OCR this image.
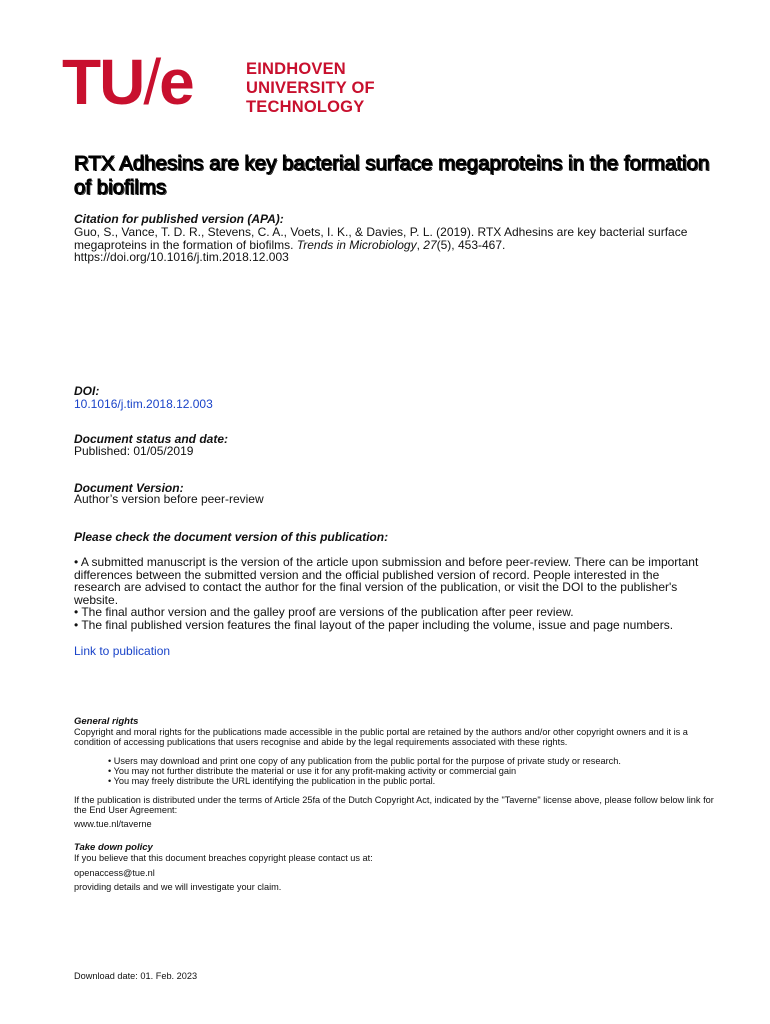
TU/e	EINDHOVEN
UNIVERSITY OF
TECHNOLOGY
RTX Adhesins are key bacterial surface megaproteins in the formation of biofilms
Citation for published version (APA):
Guo, S., Vance, T. D. R., Stevens, C. A., Voets, I. K., & Davies, P. L. (2019). RTX Adhesins are key bacterial surface megaproteins in the formation of biofilms. Trends in Microbiology, 27(5), 453-467.
https://doi.org/10.1016/j.tim.2018.12.003
DOI:
10.1016/j.tim.2018.12.003
Document status and date:
Published: 01/05/2019
Document Version:
Author’s version before peer-review
Please check the document version of this publication:

• A submitted manuscript is the version of the article upon submission and before peer-review. There can be important differences between the submitted version and the official published version of record. People interested in the research are advised to contact the author for the final version of the publication, or visit the DOI to the publisher's website.

• The final author version and the galley proof are versions of the publication after peer review.

• The final published version features the final layout of the paper including the volume, issue and page numbers.

Link to publication
General rights
Copyright and moral rights for the publications made accessible in the public portal are retained by the authors and/or other copyright owners and it is a condition of accessing publications that users recognise and abide by the legal requirements associated with these rights.

• Users may download and print one copy of any publication from the public portal for the purpose of private study or research.

• You may not further distribute the material or use it for any profit-making activity or commercial gain

• You may freely distribute the URL identifying the publication in the public portal.

If the publication is distributed under the terms of Article 25fa of the Dutch Copyright Act, indicated by the "Taverne" license above, please follow below link for the End User Agreement:
www.tue.nl/taverne
Take down policy
If you believe that this document breaches copyright please contact us at:
openaccess@tue.nl
providing details and we will investigate your claim.
Download date: 01. Feb. 2023
